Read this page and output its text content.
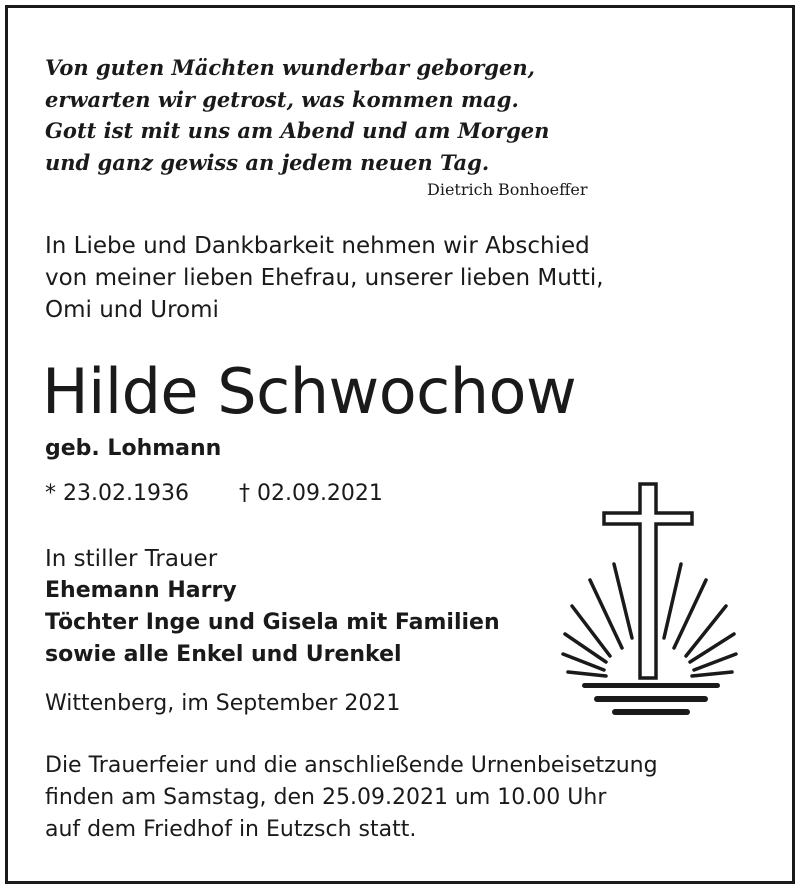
Von guten Mächten wunderbar geborgen,
erwarten wir getrost, was kommen mag.
Gott ist mit uns am Abend und am Morgen
und ganz gewiss an jedem neuen Tag.
Dietrich Bonhoeffer
In Liebe und Dankbarkeit nehmen wir Abschied
von meiner lieben Ehefrau, unserer lieben Mutti,
Omi und Uromi
Hilde Schwochow
geb. Lohmann
* 23.02.1936 † 02.09.2021
In stiller Trauer
Ehemann Harry
Töchter Inge und Gisela mit Familien
sowie alle Enkel und Urenkel
Wittenberg, im September 2021
Die Trauerfeier und die anschließende Urnenbeisetzung
finden am Samstag, den 25.09.2021 um 10.00 Uhr
auf dem Friedhof in Eutzsch statt.
